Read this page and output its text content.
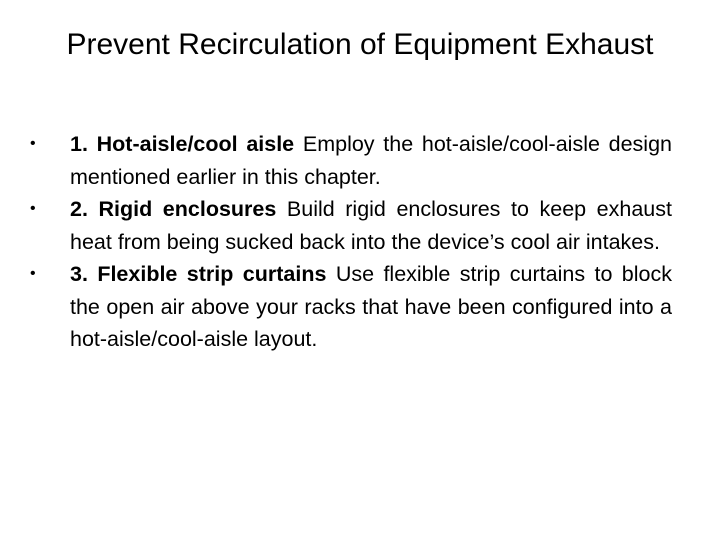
Prevent Recirculation of Equipment Exhaust
•	1. Hot-aisle/cool aisle Employ the hot-aisle/cool-aisle design mentioned earlier in this chapter.
•	2. Rigid enclosures Build rigid enclosures to keep exhaust heat from being sucked back into the device’s cool air intakes.
•	3. Flexible strip curtains Use flexible strip curtains to block the open air above your racks that have been configured into a hot-aisle/cool-aisle layout.
